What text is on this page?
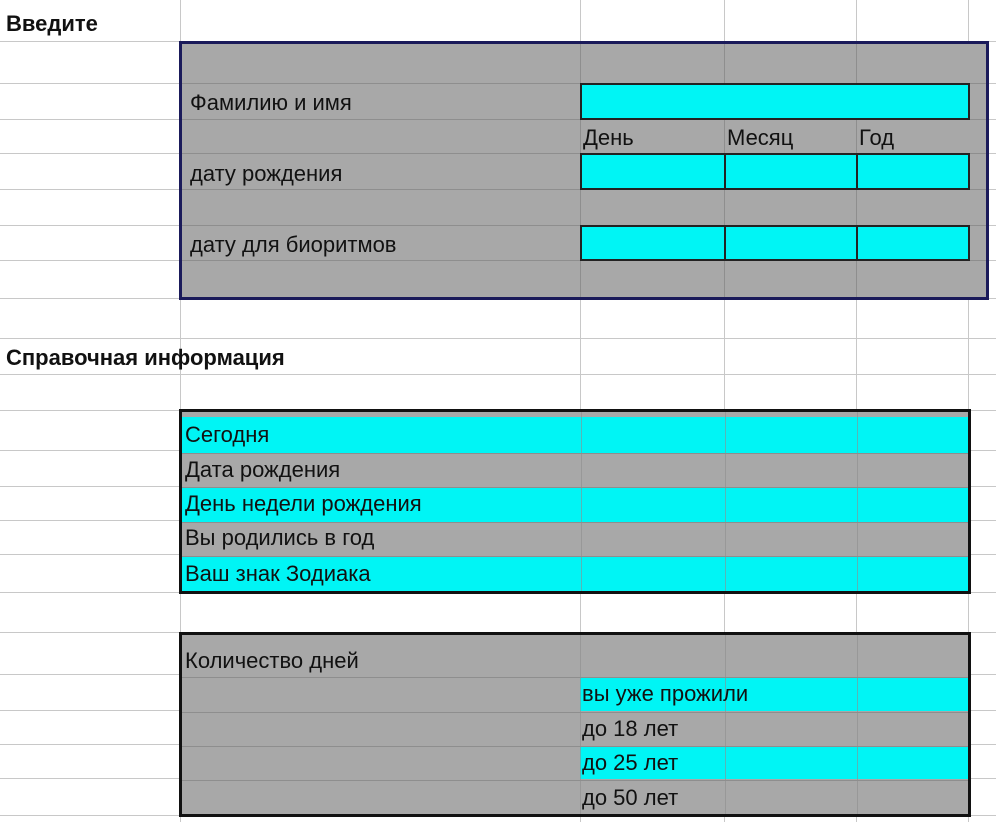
Введите
Фамилию и имя
День	Месяц	Год
дату рождения
дату для биоритмов
Справочная информация
Сегодня
Дата рождения
День недели рождения
Вы родились в год
Ваш знак Зодиака
Количество дней
вы уже прожили
до 18 лет
до 25 лет
до 50 лет
